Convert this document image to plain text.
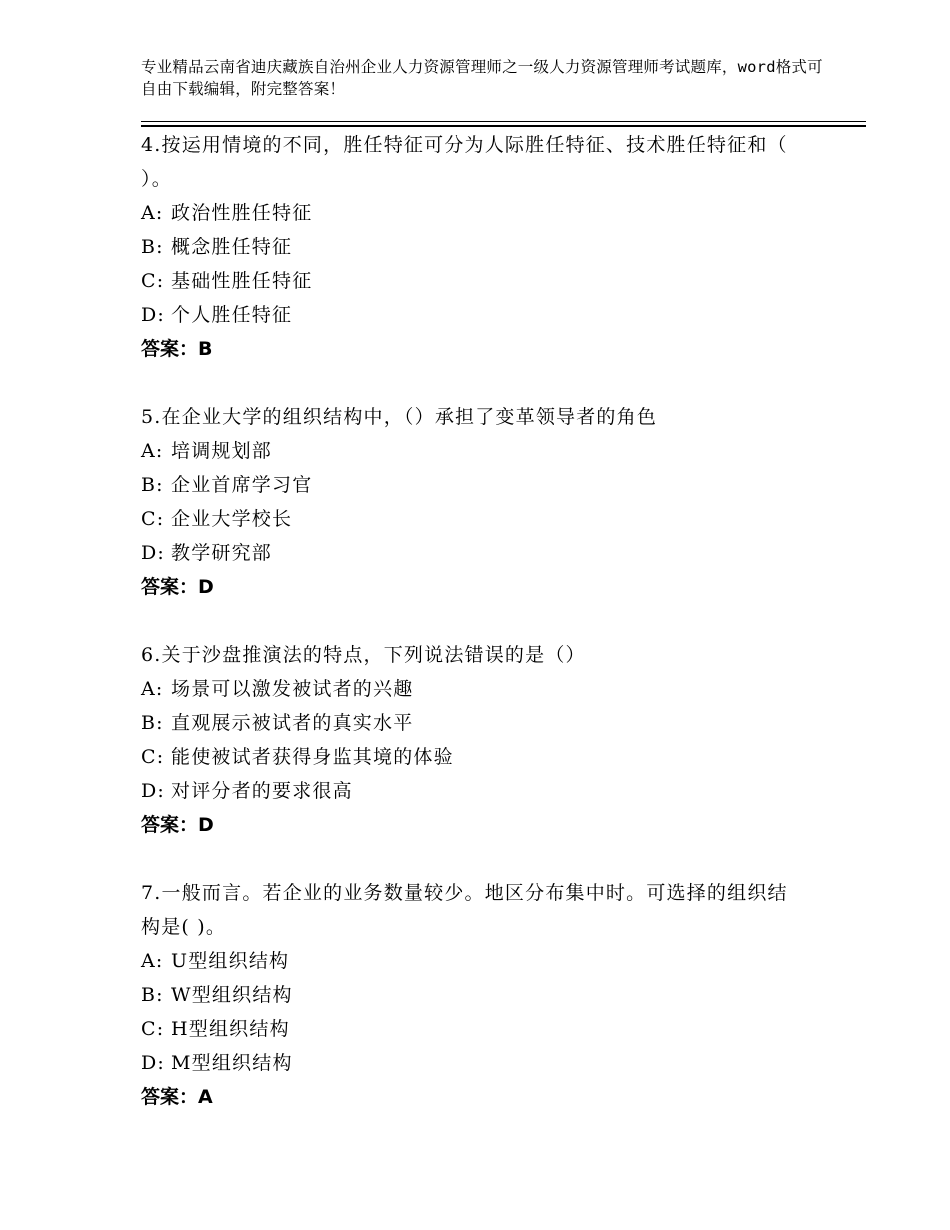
专业精品云南省迪庆藏族自治州企业人力资源管理师之一级人力资源管理师考试题库，word格式可自由下载编辑，附完整答案！
4.按运用情境的不同，胜任特征可分为人际胜任特征、技术胜任特征和（ ）。
A: 政治性胜任特征
B: 概念胜任特征
C: 基础性胜任特征
D: 个人胜任特征
答案：B
5.在企业大学的组织结构中，（）承担了变革领导者的角色
A: 培调规划部
B: 企业首席学习官
C: 企业大学校长
D: 教学研究部
答案：D
6.关于沙盘推演法的特点，下列说法错误的是（）
A: 场景可以激发被试者的兴趣
B: 直观展示被试者的真实水平
C: 能使被试者获得身监其境的体验
D: 对评分者的要求很高
答案：D
7.一般而言。若企业的业务数量较少。地区分布集中时。可选择的组织结构是( )。
A: U型组织结构
B: W型组织结构
C: H型组织结构
D: M型组织结构
答案：A
